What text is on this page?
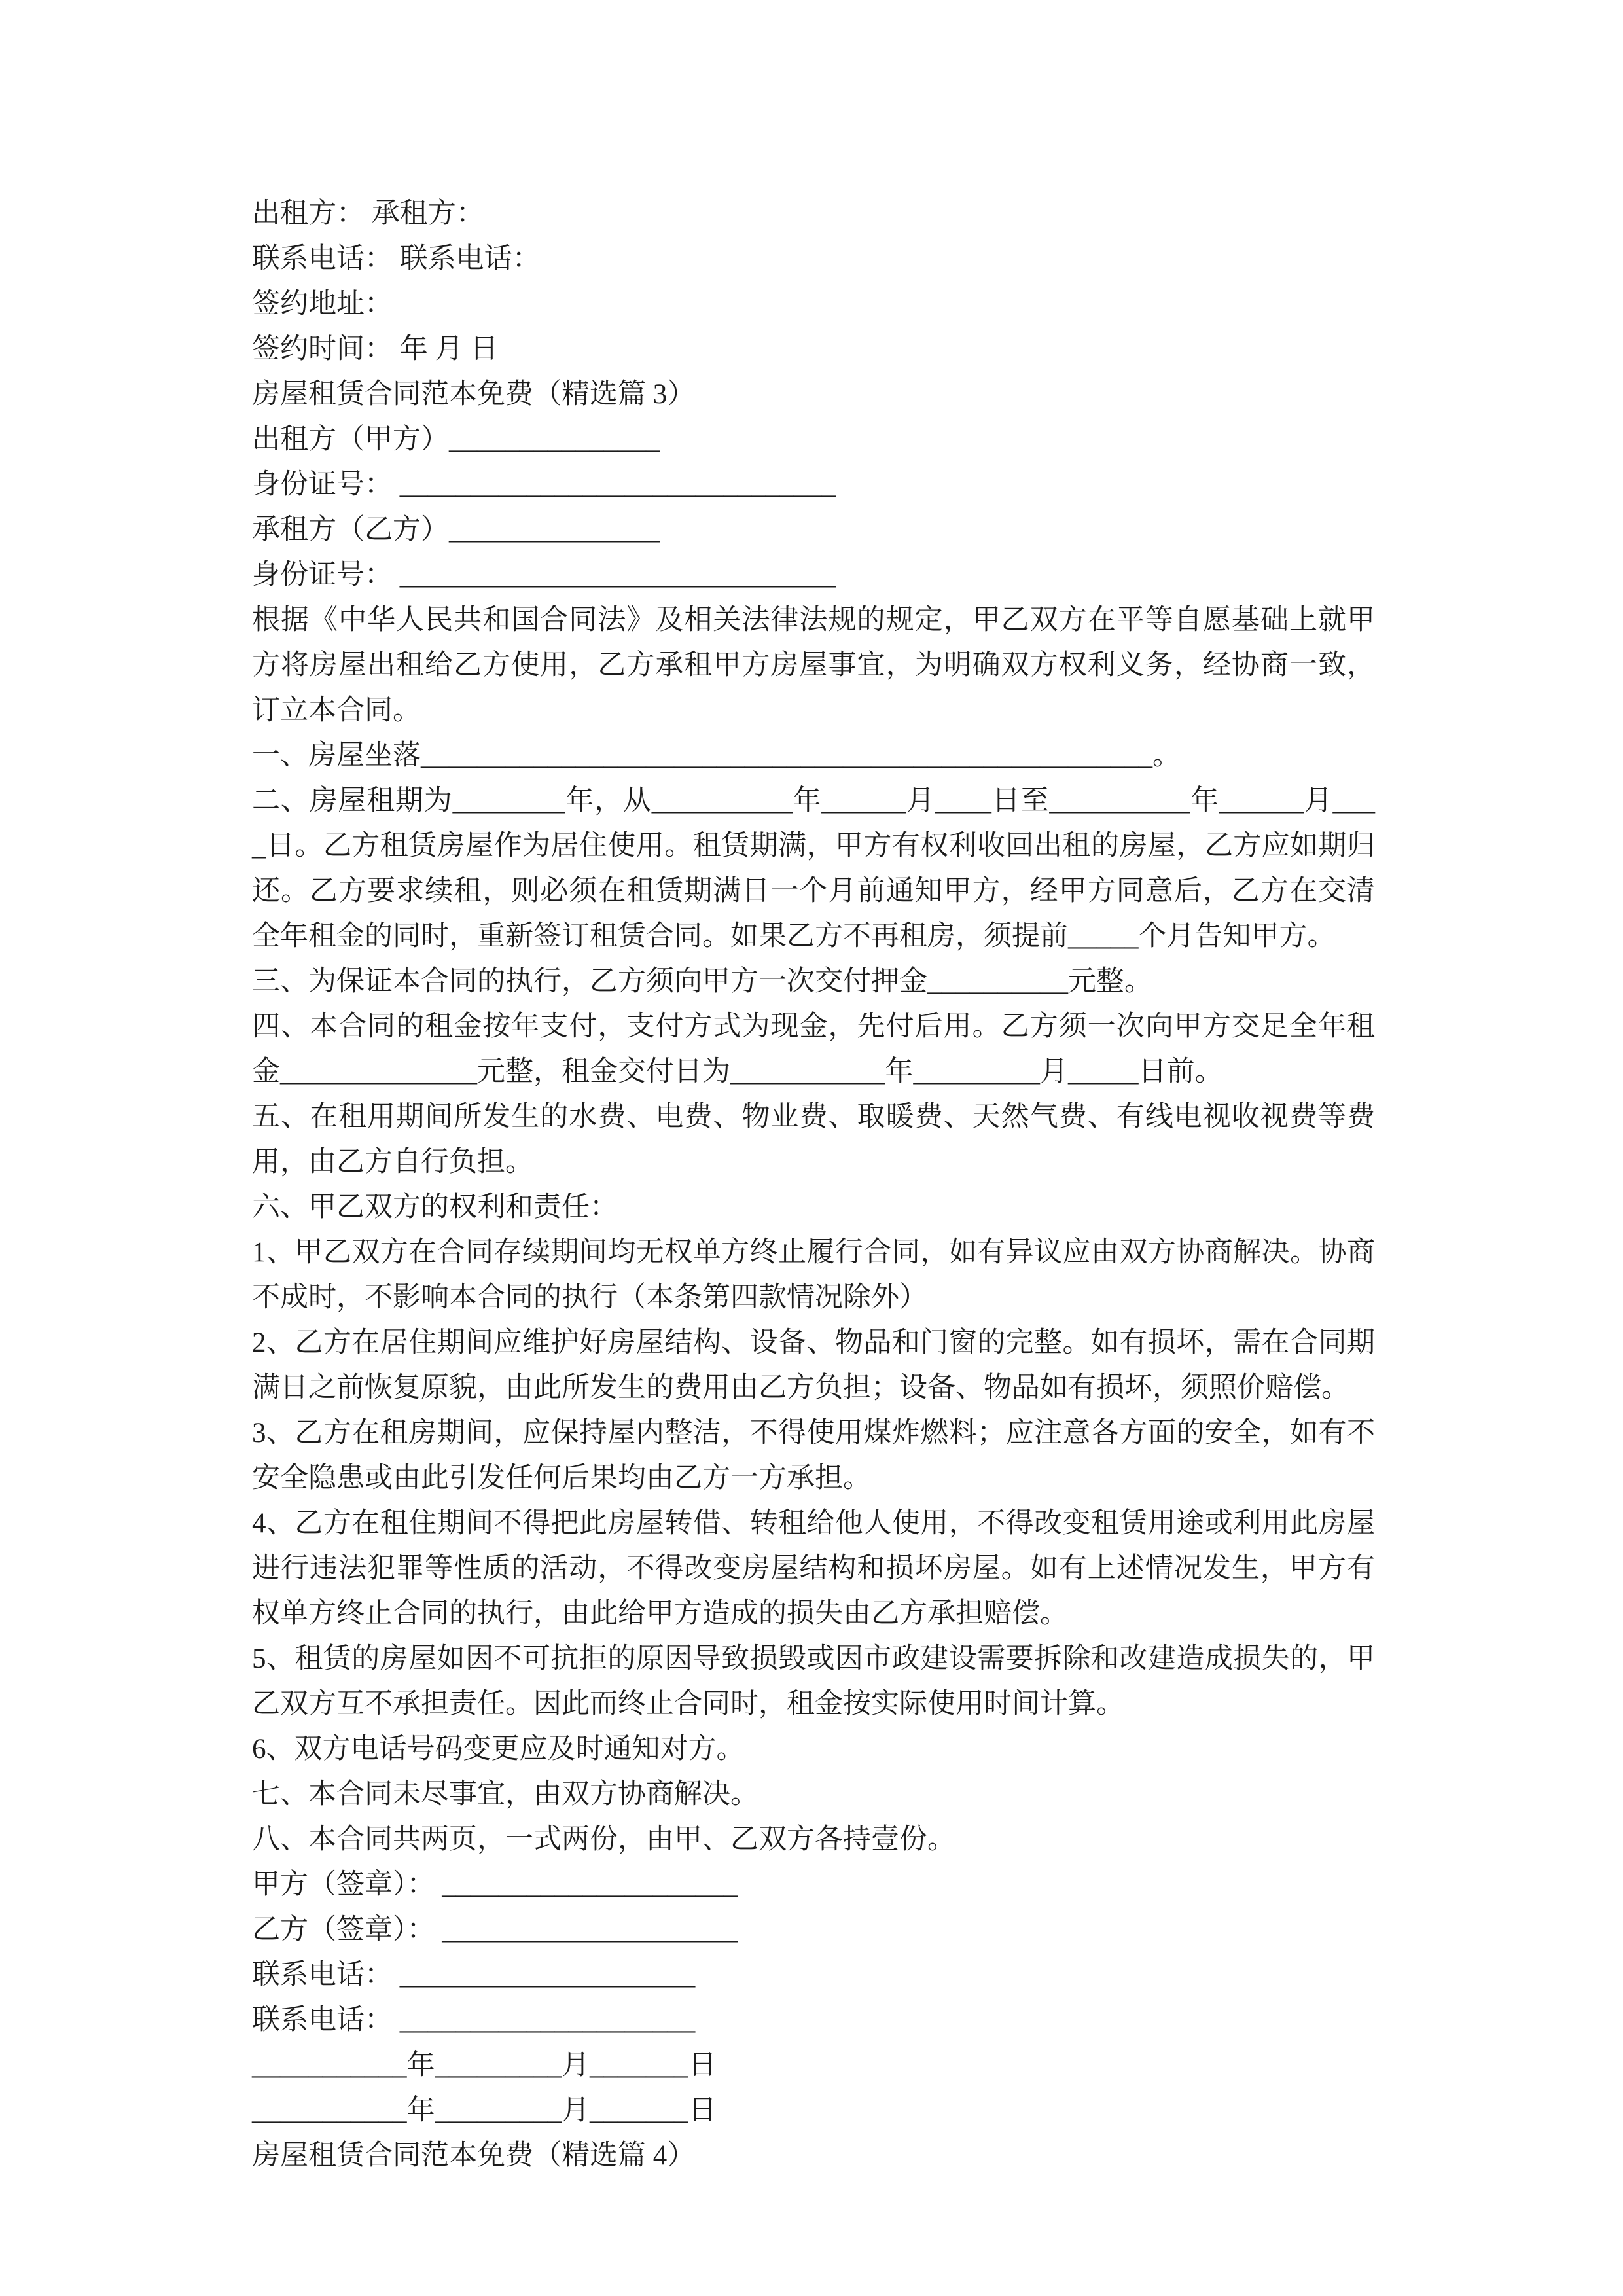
出租方： 承租方：

联系电话： 联系电话：

签约地址：

签约时间： 年 月 日

房屋租赁合同范本免费（精选篇 3）

出租方（甲方）_______________

身份证号： _______________________________

承租方（乙方）_______________

身份证号： _______________________________

根据《中华人民共和国合同法》及相关法律法规的规定，甲乙双方在平等自愿基础上就甲方将房屋出租给乙方使用，乙方承租甲方房屋事宜，为明确双方权利义务，经协商一致，订立本合同。

一、房屋坐落____________________________________________________。

二、房屋租期为________年，从__________年______月____日至__________年______月____日。乙方租赁房屋作为居住使用。租赁期满，甲方有权利收回出租的房屋，乙方应如期归还。乙方要求续租，则必须在租赁期满日一个月前通知甲方，经甲方同意后，乙方在交清全年租金的同时，重新签订租赁合同。如果乙方不再租房，须提前_____个月告知甲方。

三、为保证本合同的执行，乙方须向甲方一次交付押金__________元整。

四、本合同的租金按年支付，支付方式为现金，先付后用。乙方须一次向甲方交足全年租金______________元整，租金交付日为___________年_________月_____日前。

五、在租用期间所发生的水费、电费、物业费、取暖费、天然气费、有线电视收视费等费用，由乙方自行负担。

六、甲乙双方的权利和责任：

1、甲乙双方在合同存续期间均无权单方终止履行合同，如有异议应由双方协商解决。协商不成时，不影响本合同的执行（本条第四款情况除外）

2、乙方在居住期间应维护好房屋结构、设备、物品和门窗的完整。如有损坏，需在合同期满日之前恢复原貌，由此所发生的费用由乙方负担；设备、物品如有损坏，须照价赔偿。

3、乙方在租房期间，应保持屋内整洁，不得使用煤炸燃料；应注意各方面的安全，如有不安全隐患或由此引发任何后果均由乙方一方承担。

4、乙方在租住期间不得把此房屋转借、转租给他人使用，不得改变租赁用途或利用此房屋进行违法犯罪等性质的活动，不得改变房屋结构和损坏房屋。如有上述情况发生，甲方有权单方终止合同的执行，由此给甲方造成的损失由乙方承担赔偿。

5、租赁的房屋如因不可抗拒的原因导致损毁或因市政建设需要拆除和改建造成损失的，甲乙双方互不承担责任。因此而终止合同时，租金按实际使用时间计算。

6、双方电话号码变更应及时通知对方。

七、本合同未尽事宜，由双方协商解决。

八、本合同共两页，一式两份，由甲、乙双方各持壹份。

甲方（签章）： _____________________

乙方（签章）： _____________________

联系电话： _____________________

联系电话： _____________________

___________年_________月_______日

___________年_________月_______日

房屋租赁合同范本免费（精选篇 4）
